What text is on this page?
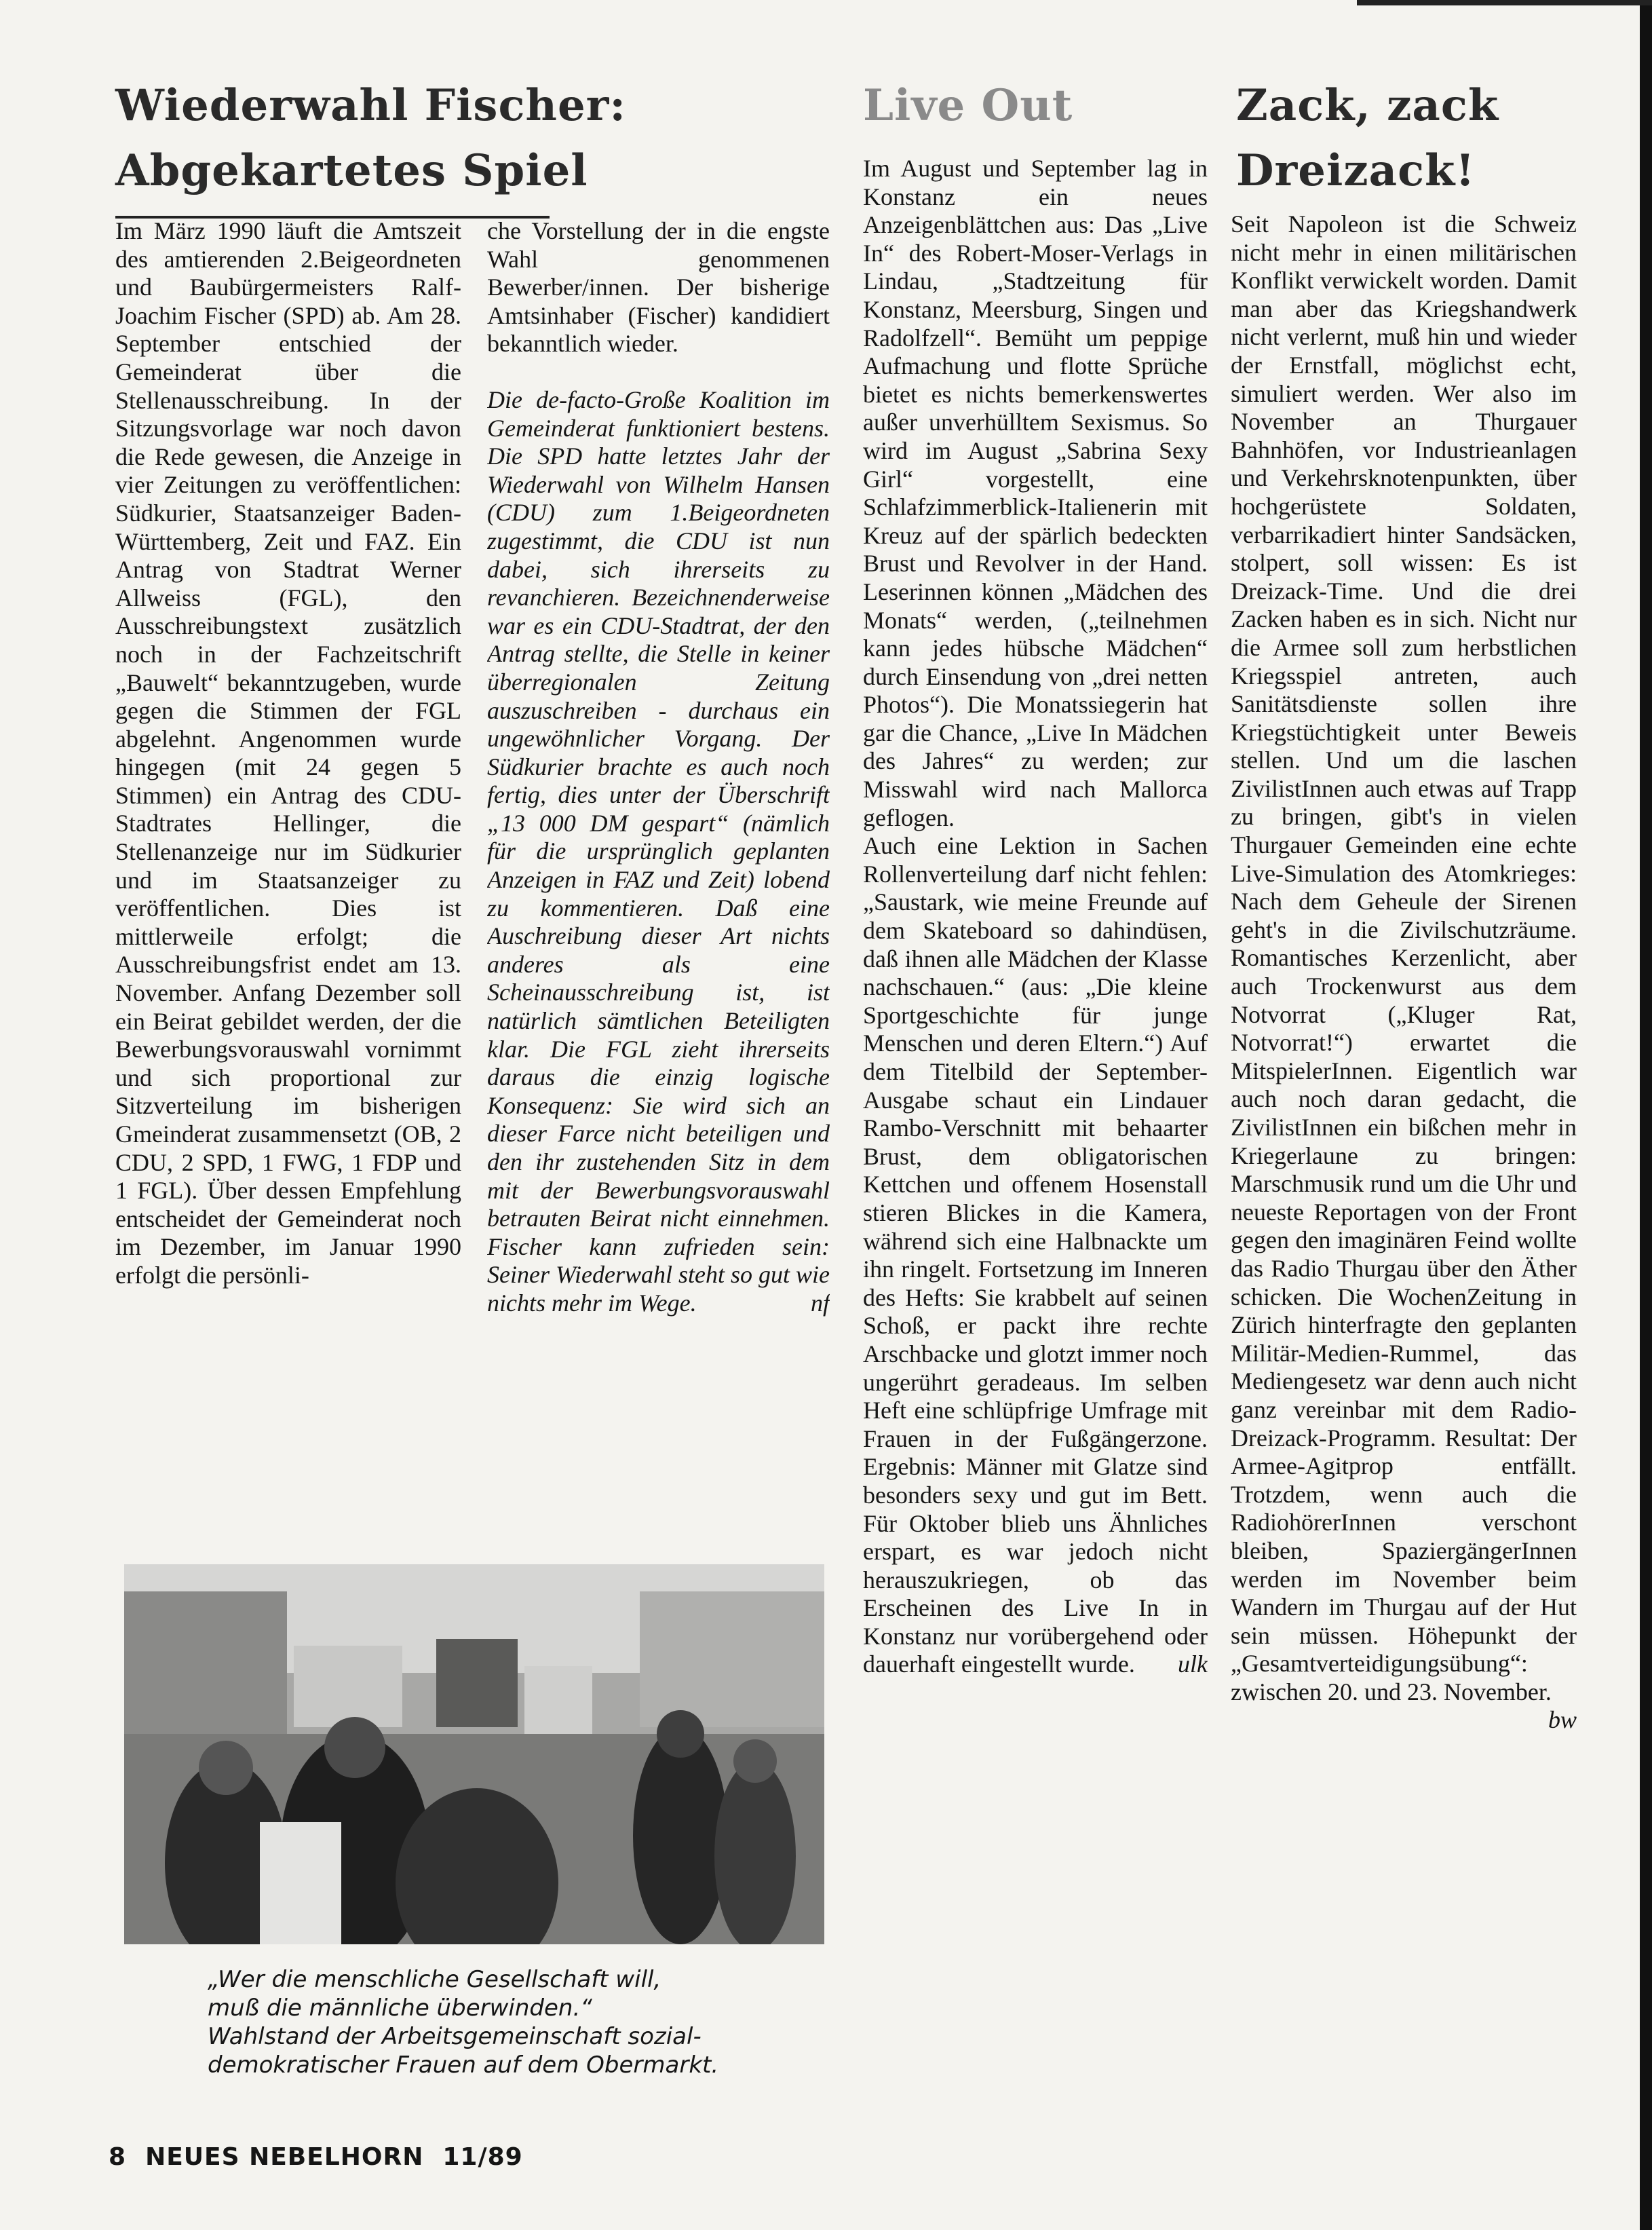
Wiederwahl Fischer:
Abgekartetes Spiel

Im März 1990 läuft die Amtszeit des amtierenden 2.Beigeordneten und Baubürgermeisters Ralf-Joachim Fischer (SPD) ab. Am 28. September entschied der Gemeinderat über die Stellenausschreibung. In der Sitzungsvorlage war noch davon die Rede gewesen, die Anzeige in vier Zeitungen zu veröffentlichen: Südkurier, Staatsanzeiger Baden-Württemberg, Zeit und FAZ. Ein Antrag von Stadtrat Werner Allweiss (FGL), den Ausschreibungstext zusätzlich noch in der Fachzeitschrift „Bauwelt“ bekanntzugeben, wurde gegen die Stimmen der FGL abgelehnt. Angenommen wurde hingegen (mit 24 gegen 5 Stimmen) ein Antrag des CDU-Stadtrates Hellinger, die Stellenanzeige nur im Südkurier und im Staatsanzeiger zu veröffentlichen. Dies ist mittlerweile erfolgt; die Ausschreibungsfrist endet am 13. November. Anfang Dezember soll ein Beirat gebildet werden, der die Bewerbungsvorauswahl vornimmt und sich proportional zur Sitzverteilung im bisherigen Gmeinderat zusammensetzt (OB, 2 CDU, 2 SPD, 1 FWG, 1 FDP und 1 FGL). Über dessen Empfehlung entscheidet der Gemeinderat noch im Dezember, im Januar 1990 erfolgt die persönli-

che Vorstellung der in die engste Wahl genommenen Bewerber/innen. Der bisherige Amtsinhaber (Fischer) kandidiert bekanntlich wieder.

Die de-facto-Große Koalition im Gemeinderat funktioniert bestens. Die SPD hatte letztes Jahr der Wiederwahl von Wilhelm Hansen (CDU) zum 1.Beigeordneten zugestimmt, die CDU ist nun dabei, sich ihrerseits zu revanchieren. Bezeichnenderweise war es ein CDU-Stadtrat, der den Antrag stellte, die Stelle in keiner überregionalen Zeitung auszuschreiben - durchaus ein ungewöhnlicher Vorgang. Der Südkurier brachte es auch noch fertig, dies unter der Überschrift „13 000 DM gespart“ (nämlich für die ursprünglich geplanten Anzeigen in FAZ und Zeit) lobend zu kommentieren. Daß eine Auschreibung dieser Art nichts anderes als eine Scheinausschreibung ist, ist natürlich sämtlichen Beteiligten klar. Die FGL zieht ihrerseits daraus die einzig logische Konsequenz: Sie wird sich an dieser Farce nicht beteiligen und den ihr zustehenden Sitz in dem mit der Bewerbungsvorauswahl betrauten Beirat nicht einnehmen. Fischer kann zufrieden sein: Seiner Wiederwahl steht so gut wie nichts mehr im Wege.	nf

„Wer die menschliche Gesellschaft will,
muß die männliche überwinden.“
Wahlstand der Arbeitsgemeinschaft sozial-
demokratischer Frauen auf dem Obermarkt.

Live Out

Im August und September lag in Konstanz ein neues Anzeigenblättchen aus: Das „Live In“ des Robert-Moser-Verlags in Lindau, „Stadtzeitung für Konstanz, Meersburg, Singen und Radolfzell“. Bemüht um peppige Aufmachung und flotte Sprüche bietet es nichts bemerkenswertes außer unverhülltem Sexismus. So wird im August „Sabrina Sexy Girl“ vorgestellt, eine Schlafzimmerblick-Italienerin mit Kreuz auf der spärlich bedeckten Brust und Revolver in der Hand. Leserinnen können „Mädchen des Monats“ werden, („teilnehmen kann jedes hübsche Mädchen“ durch Einsendung von „drei netten Photos“). Die Monatssiegerin hat gar die Chance, „Live In Mädchen des Jahres“ zu werden; zur Misswahl wird nach Mallorca geflogen.

Auch eine Lektion in Sachen Rollenverteilung darf nicht fehlen: „Saustark, wie meine Freunde auf dem Skateboard so dahindüsen, daß ihnen alle Mädchen der Klasse nachschauen.“ (aus: „Die kleine Sportgeschichte für junge Menschen und deren Eltern.“) Auf dem Titelbild der September-Ausgabe schaut ein Lindauer Rambo-Verschnitt mit behaarter Brust, dem obligatorischen Kettchen und offenem Hosenstall stieren Blickes in die Kamera, während sich eine Halbnackte um ihn ringelt. Fortsetzung im Inneren des Hefts: Sie krabbelt auf seinen Schoß, er packt ihre rechte Arschbacke und glotzt immer noch ungerührt geradeaus. Im selben Heft eine schlüpfrige Umfrage mit Frauen in der Fußgängerzone. Ergebnis: Männer mit Glatze sind besonders sexy und gut im Bett. Für Oktober blieb uns Ähnliches erspart, es war jedoch nicht herauszukriegen, ob das Erscheinen des Live In in Konstanz nur vorübergehend oder dauerhaft eingestellt wurde. ulk

Zack, zack
Dreizack!

Seit Napoleon ist die Schweiz nicht mehr in einen militärischen Konflikt verwickelt worden. Damit man aber das Kriegshandwerk nicht verlernt, muß hin und wieder der Ernstfall, möglichst echt, simuliert werden. Wer also im November an Thurgauer Bahnhöfen, vor Industrieanlagen und Verkehrsknotenpunkten, über hochgerüstete Soldaten, verbarrikadiert hinter Sandsäcken, stolpert, soll wissen: Es ist Dreizack-Time. Und die drei Zacken haben es in sich. Nicht nur die Armee soll zum herbstlichen Kriegsspiel antreten, auch Sanitätsdienste sollen ihre Kriegstüchtigkeit unter Beweis stellen. Und um die laschen ZivilistInnen auch etwas auf Trapp zu bringen, gibt's in vielen Thurgauer Gemeinden eine echte Live-Simulation des Atomkrieges: Nach dem Geheule der Sirenen geht's in die Zivilschutzräume. Romantisches Kerzenlicht, aber auch Trockenwurst aus dem Notvorrat („Kluger Rat, Notvorrat!“) erwartet die MitspielerInnen. Eigentlich war auch noch daran gedacht, die ZivilistInnen ein bißchen mehr in Kriegerlaune zu bringen: Marschmusik rund um die Uhr und neueste Reportagen von der Front gegen den imaginären Feind wollte das Radio Thurgau über den Äther schicken. Die WochenZeitung in Zürich hinterfragte den geplanten Militär-Medien-Rummel, das Mediengesetz war denn auch nicht ganz vereinbar mit dem Radio-Dreizack-Programm. Resultat: Der Armee-Agitprop entfällt. Trotzdem, wenn auch die RadiohörerInnen verschont bleiben, SpaziergängerInnen werden im November beim Wandern im Thurgau auf der Hut sein müssen. Höhepunkt der „Gesamtverteidigungsübung“: zwischen 20. und 23. November.
bw

8 NEUES NEBELHORN 11/89
